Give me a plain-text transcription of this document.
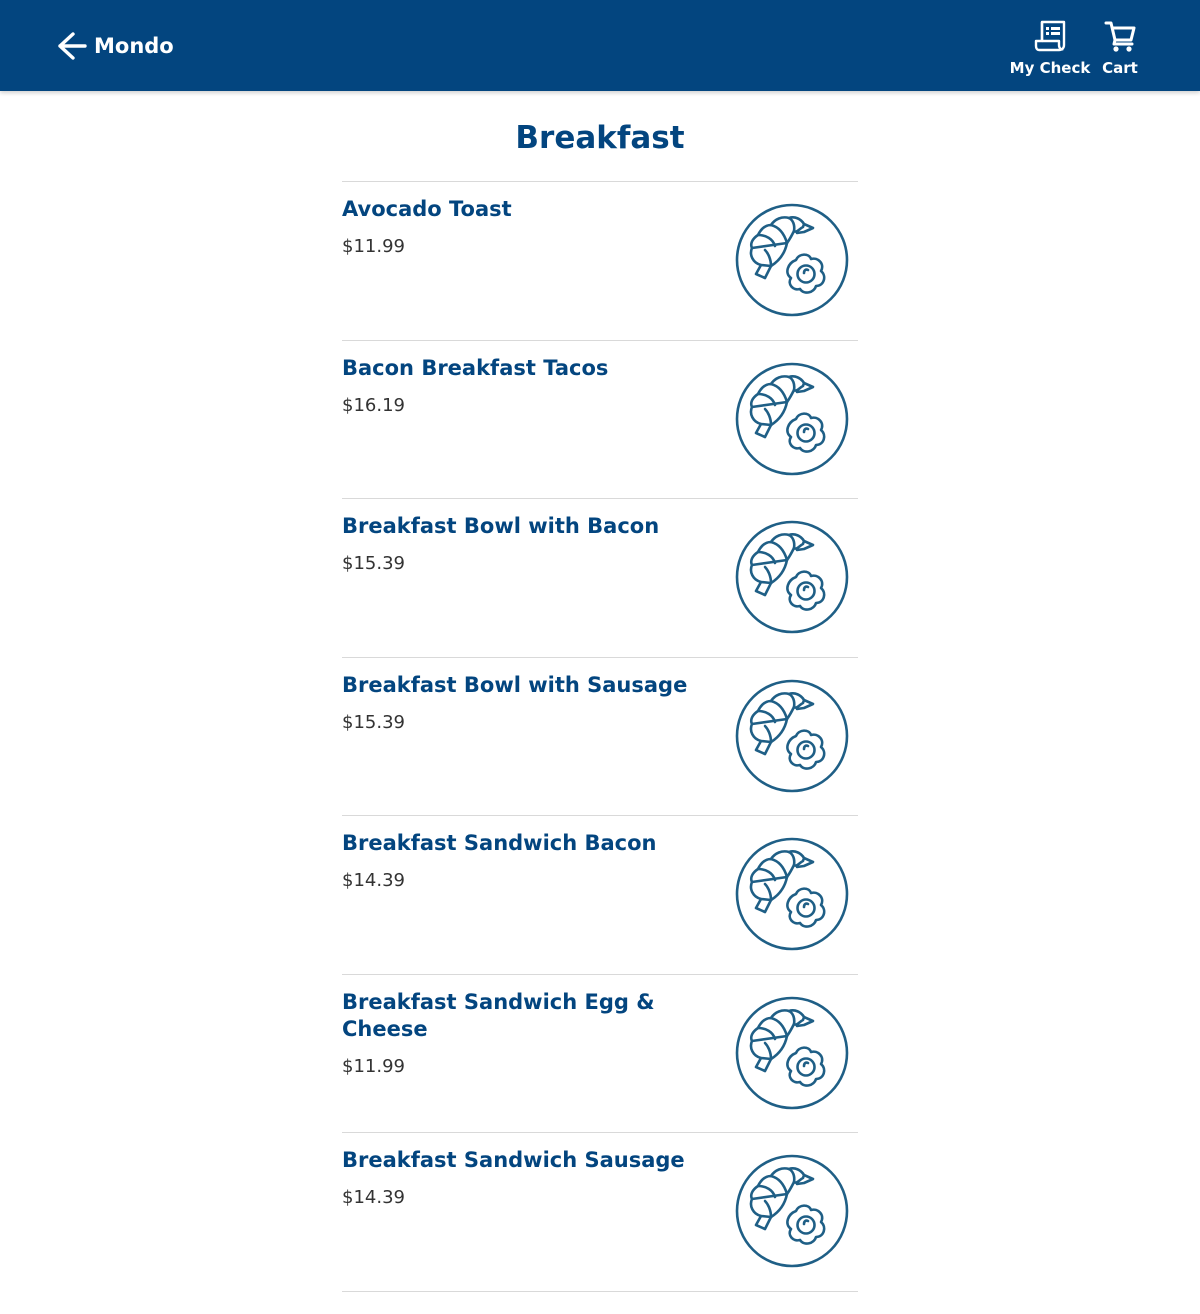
Mondo
My Check Cart
Breakfast
Avocado Toast
$11.99
Bacon Breakfast Tacos
$16.19
Breakfast Bowl with Bacon
$15.39
Breakfast Bowl with Sausage
$15.39
Breakfast Sandwich Bacon
$14.39
Breakfast Sandwich Egg & Cheese
$11.99
Breakfast Sandwich Sausage
$14.39
